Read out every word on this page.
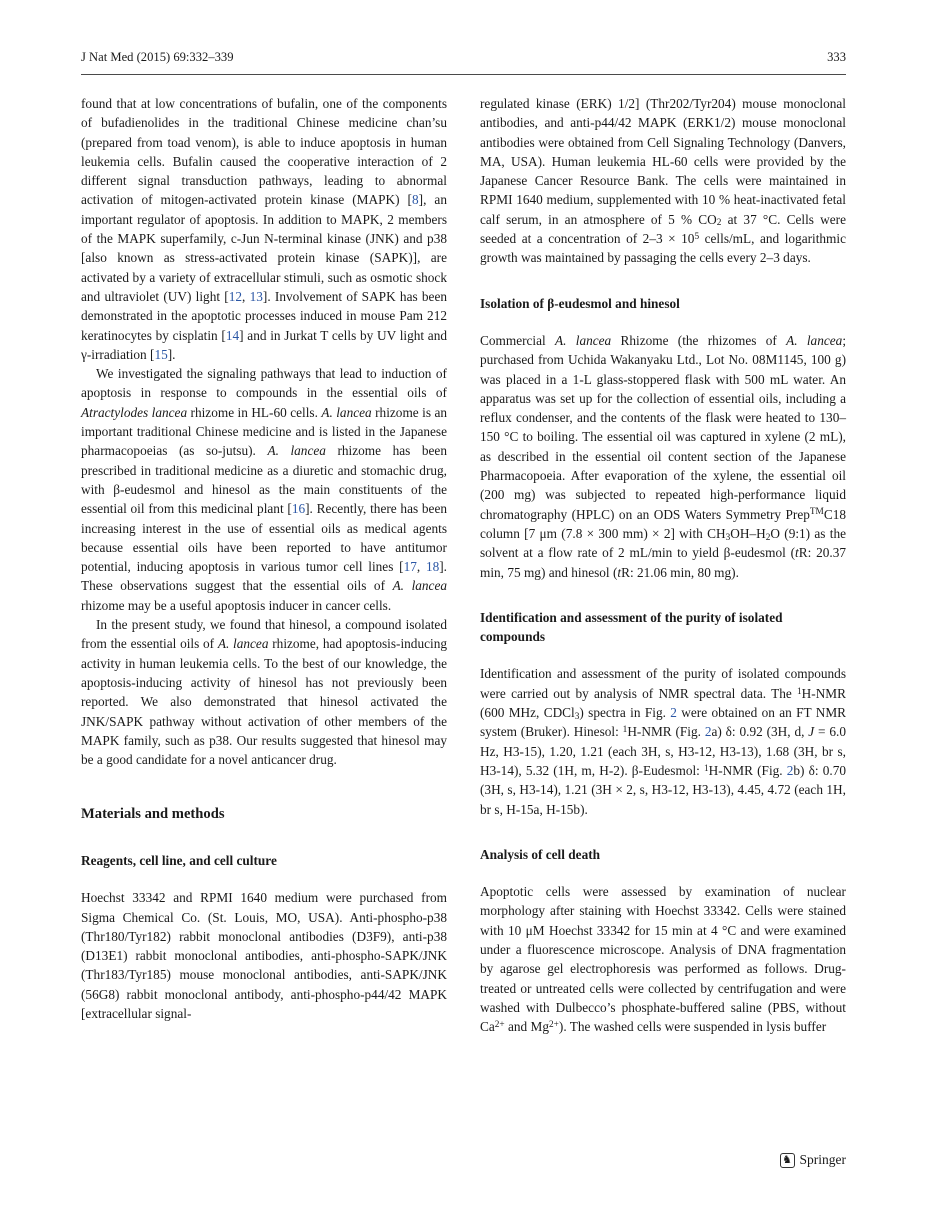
J Nat Med (2015) 69:332–339	333

found that at low concentrations of bufalin, one of the components of bufadienolides in the traditional Chinese medicine chan’su (prepared from toad venom), is able to induce apoptosis in human leukemia cells. Bufalin caused the cooperative interaction of 2 different signal transduction pathways, leading to abnormal activation of mitogen-activated protein kinase (MAPK) [8], an important regulator of apoptosis. In addition to MAPK, 2 members of the MAPK superfamily, c-Jun N-terminal kinase (JNK) and p38 [also known as stress-activated protein kinase (SAPK)], are activated by a variety of extracellular stimuli, such as osmotic shock and ultraviolet (UV) light [12, 13]. Involvement of SAPK has been demonstrated in the apoptotic processes induced in mouse Pam 212 keratinocytes by cisplatin [14] and in Jurkat T cells by UV light and γ-irradiation [15].

We investigated the signaling pathways that lead to induction of apoptosis in response to compounds in the essential oils of Atractylodes lancea rhizome in HL-60 cells. A. lancea rhizome is an important traditional Chinese medicine and is listed in the Japanese pharmacopoeias (as so-jutsu). A. lancea rhizome has been prescribed in traditional medicine as a diuretic and stomachic drug, with β-eudesmol and hinesol as the main constituents of the essential oil from this medicinal plant [16]. Recently, there has been increasing interest in the use of essential oils as medical agents because essential oils have been reported to have antitumor potential, inducing apoptosis in various tumor cell lines [17, 18]. These observations suggest that the essential oils of A. lancea rhizome may be a useful apoptosis inducer in cancer cells.

In the present study, we found that hinesol, a compound isolated from the essential oils of A. lancea rhizome, had apoptosis-inducing activity in human leukemia cells. To the best of our knowledge, the apoptosis-inducing activity of hinesol has not previously been reported. We also demonstrated that hinesol activated the JNK/SAPK pathway without activation of other members of the MAPK family, such as p38. Our results suggested that hinesol may be a good candidate for a novel anticancer drug.

Materials and methods
Reagents, cell line, and cell culture

Hoechst 33342 and RPMI 1640 medium were purchased from Sigma Chemical Co. (St. Louis, MO, USA). Anti-phospho-p38 (Thr180/Tyr182) rabbit monoclonal antibodies (D3F9), anti-p38 (D13E1) rabbit monoclonal antibodies, anti-phospho-SAPK/JNK (Thr183/Tyr185) mouse monoclonal antibodies, anti-SAPK/JNK (56G8) rabbit monoclonal antibody, anti-phospho-p44/42 MAPK [extracellular signal-

regulated kinase (ERK) 1/2] (Thr202/Tyr204) mouse monoclonal antibodies, and anti-p44/42 MAPK (ERK1/2) mouse monoclonal antibodies were obtained from Cell Signaling Technology (Danvers, MA, USA). Human leukemia HL-60 cells were provided by the Japanese Cancer Resource Bank. The cells were maintained in RPMI 1640 medium, supplemented with 10 % heat-inactivated fetal calf serum, in an atmosphere of 5 % $CO_2$ at 37 °C. Cells were seeded at a concentration of $2-3 \times 10^5$ cells/mL, and logarithmic growth was maintained by passaging the cells every 2–3 days.

Isolation of β-eudesmol and hinesol

Commercial A. lancea Rhizome (the rhizomes of A. lancea; purchased from Uchida Wakanyaku Ltd., Lot No. 08M1145, 100 g) was placed in a 1-L glass-stoppered flask with 500 mL water. An apparatus was set up for the collection of essential oils, including a reflux condenser, and the contents of the flask were heated to 130–150 °C to boiling. The essential oil was captured in xylene (2 mL), as described in the essential oil content section of the Japanese Pharmacopoeia. After evaporation of the xylene, the essential oil (200 mg) was subjected to repeated high-performance liquid chromatography (HPLC) on an ODS Waters Symmetry Prep™C18 column [7 μm (7.8 × 300 mm) × 2] with $CH_3OH-H_2O$ (9:1) as the solvent at a flow rate of 2 mL/min to yield β-eudesmol (tR: 20.37 min, 75 mg) and hinesol (tR: 21.06 min, 80 mg).

Identification and assessment of the purity of isolated compounds

Identification and assessment of the purity of isolated compounds were carried out by analysis of NMR spectral data. The $^1$H-NMR (600 MHz, CDCl$_3$) spectra in Fig. 2 were obtained on an FT NMR system (Bruker). Hinesol: $^1$H-NMR (Fig. 2a) δ: 0.92 (3H, d, J = 6.0 Hz, H3-15), 1.20, 1.21 (each 3H, s, H3-12, H3-13), 1.68 (3H, br s, H3-14), 5.32 (1H, m, H-2). β-Eudesmol: $^1$H-NMR (Fig. 2b) δ: 0.70 (3H, s, H3-14), 1.21 (3H × 2, s, H3-12, H3-13), 4.45, 4.72 (each 1H, br s, H-15a, H-15b).

Analysis of cell death

Apoptotic cells were assessed by examination of nuclear morphology after staining with Hoechst 33342. Cells were stained with 10 μM Hoechst 33342 for 15 min at 4 °C and were examined under a fluorescence microscope. Analysis of DNA fragmentation by agarose gel electrophoresis was performed as follows. Drug-treated or untreated cells were collected by centrifugation and were washed with Dulbecco’s phosphate-buffered saline (PBS, without $Ca^{2+}$ and $Mg^{2+}$). The washed cells were suspended in lysis buffer

♞ Springer
